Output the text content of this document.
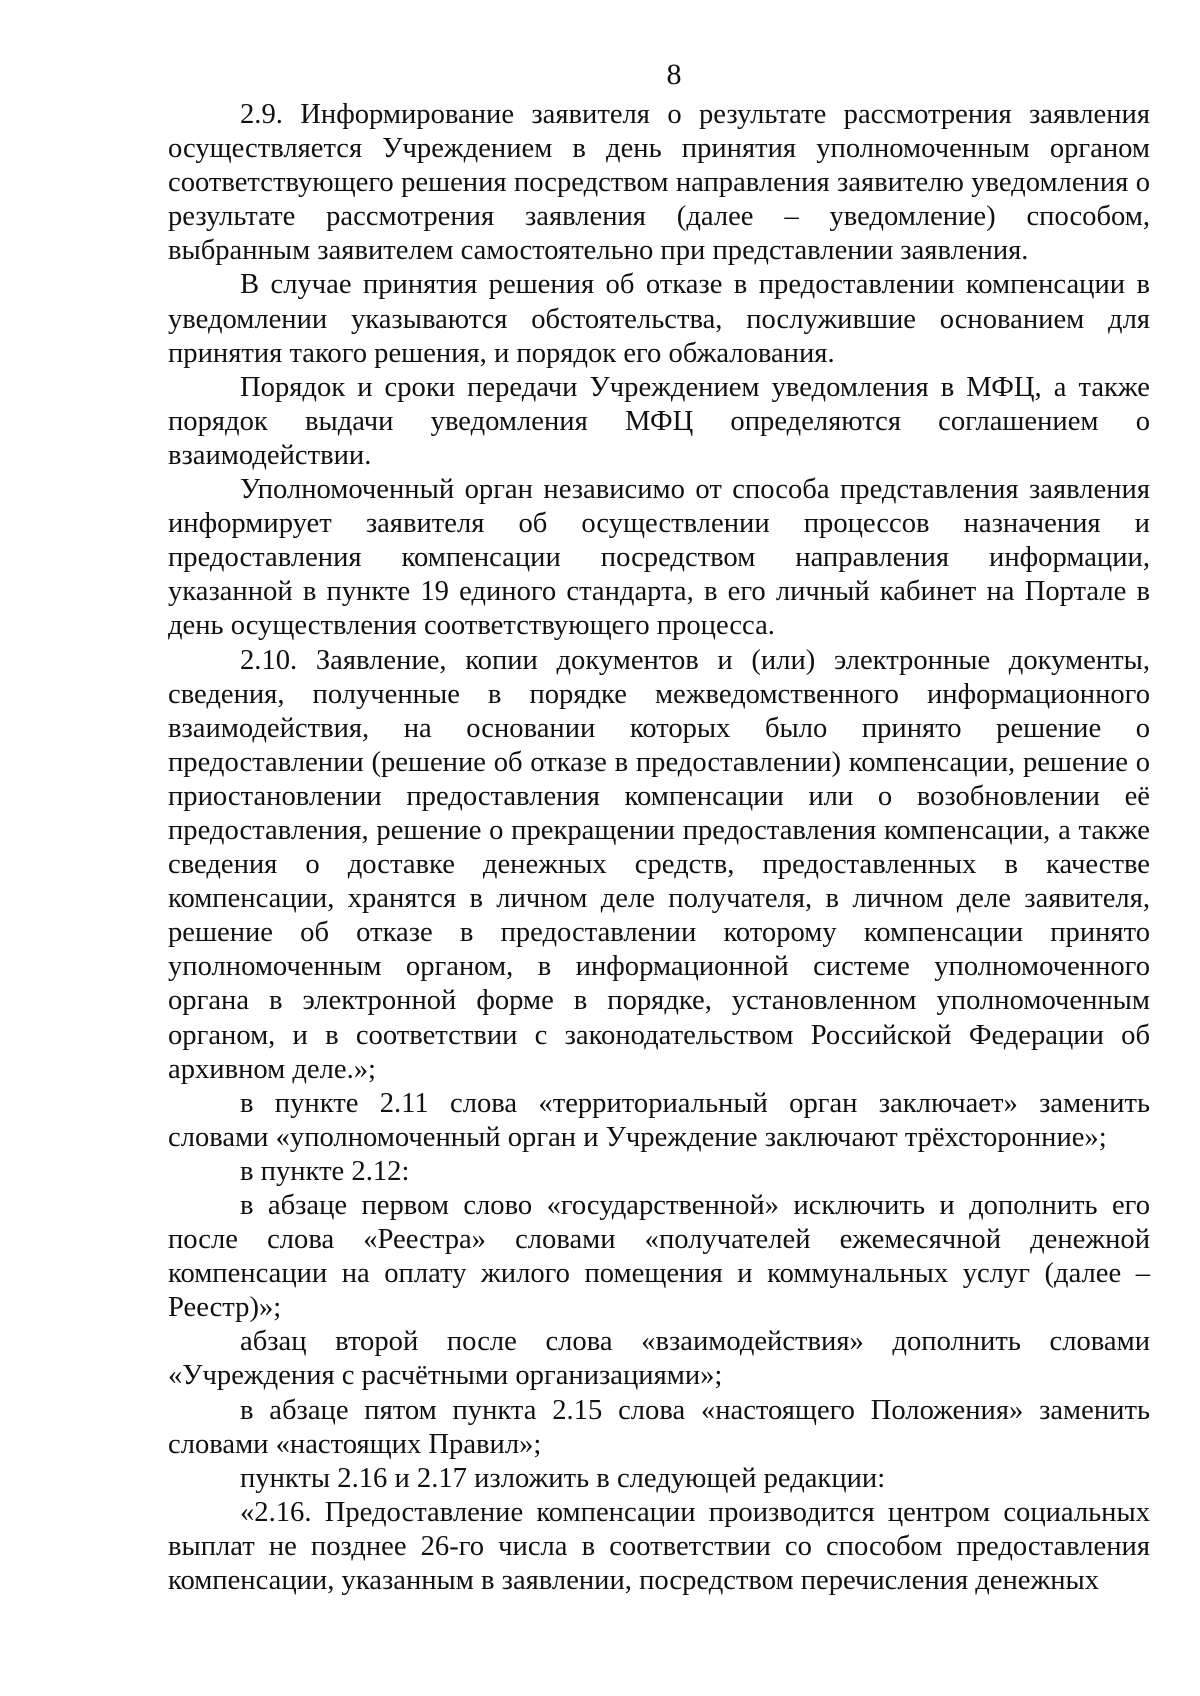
8

2.9. Информирование заявителя о результате рассмотрения заявления осуществляется Учреждением в день принятия уполномоченным органом соответствующего решения посредством направления заявителю уведомления о результате рассмотрения заявления (далее – уведомление) способом, выбранным заявителем самостоятельно при представлении заявления.

В случае принятия решения об отказе в предоставлении компенсации в уведомлении указываются обстоятельства, послужившие основанием для принятия такого решения, и порядок его обжалования.

Порядок и сроки передачи Учреждением уведомления в МФЦ, а также порядок выдачи уведомления МФЦ определяются соглашением о взаимодействии.

Уполномоченный орган независимо от способа представления заявления информирует заявителя об осуществлении процессов назначения и предоставления компенсации посредством направления информации, указанной в пункте 19 единого стандарта, в его личный кабинет на Портале в день осуществления соответствующего процесса.

2.10. Заявление, копии документов и (или) электронные документы, сведения, полученные в порядке межведомственного информационного взаимодействия, на основании которых было принято решение о предоставлении (решение об отказе в предоставлении) компенсации, решение о приостановлении предоставления компенсации или о возобновлении её предоставления, решение о прекращении предоставления компенсации, а также сведения о доставке денежных средств, предоставленных в качестве компенсации, хранятся в личном деле получателя, в личном деле заявителя, решение об отказе в предоставлении которому компенсации принято уполномоченным органом, в информационной системе уполномоченного органа в электронной форме в порядке, установленном уполномоченным органом, и в соответствии с законодательством Российской Федерации об архивном деле.»;

в пункте 2.11 слова «территориальный орган заключает» заменить словами «уполномоченный орган и Учреждение заключают трёхсторонние»;

в пункте 2.12:

в абзаце первом слово «государственной» исключить и дополнить его после слова «Реестра» словами «получателей ежемесячной денежной компенсации на оплату жилого помещения и коммунальных услуг (далее – Реестр)»;

абзац второй после слова «взаимодействия» дополнить словами «Учреждения с расчётными организациями»;

в абзаце пятом пункта 2.15 слова «настоящего Положения» заменить словами «настоящих Правил»;

пункты 2.16 и 2.17 изложить в следующей редакции:

«2.16. Предоставление компенсации производится центром социальных выплат не позднее 26-го числа в соответствии со способом предоставления компенсации, указанным в заявлении, посредством перечисления денежных
